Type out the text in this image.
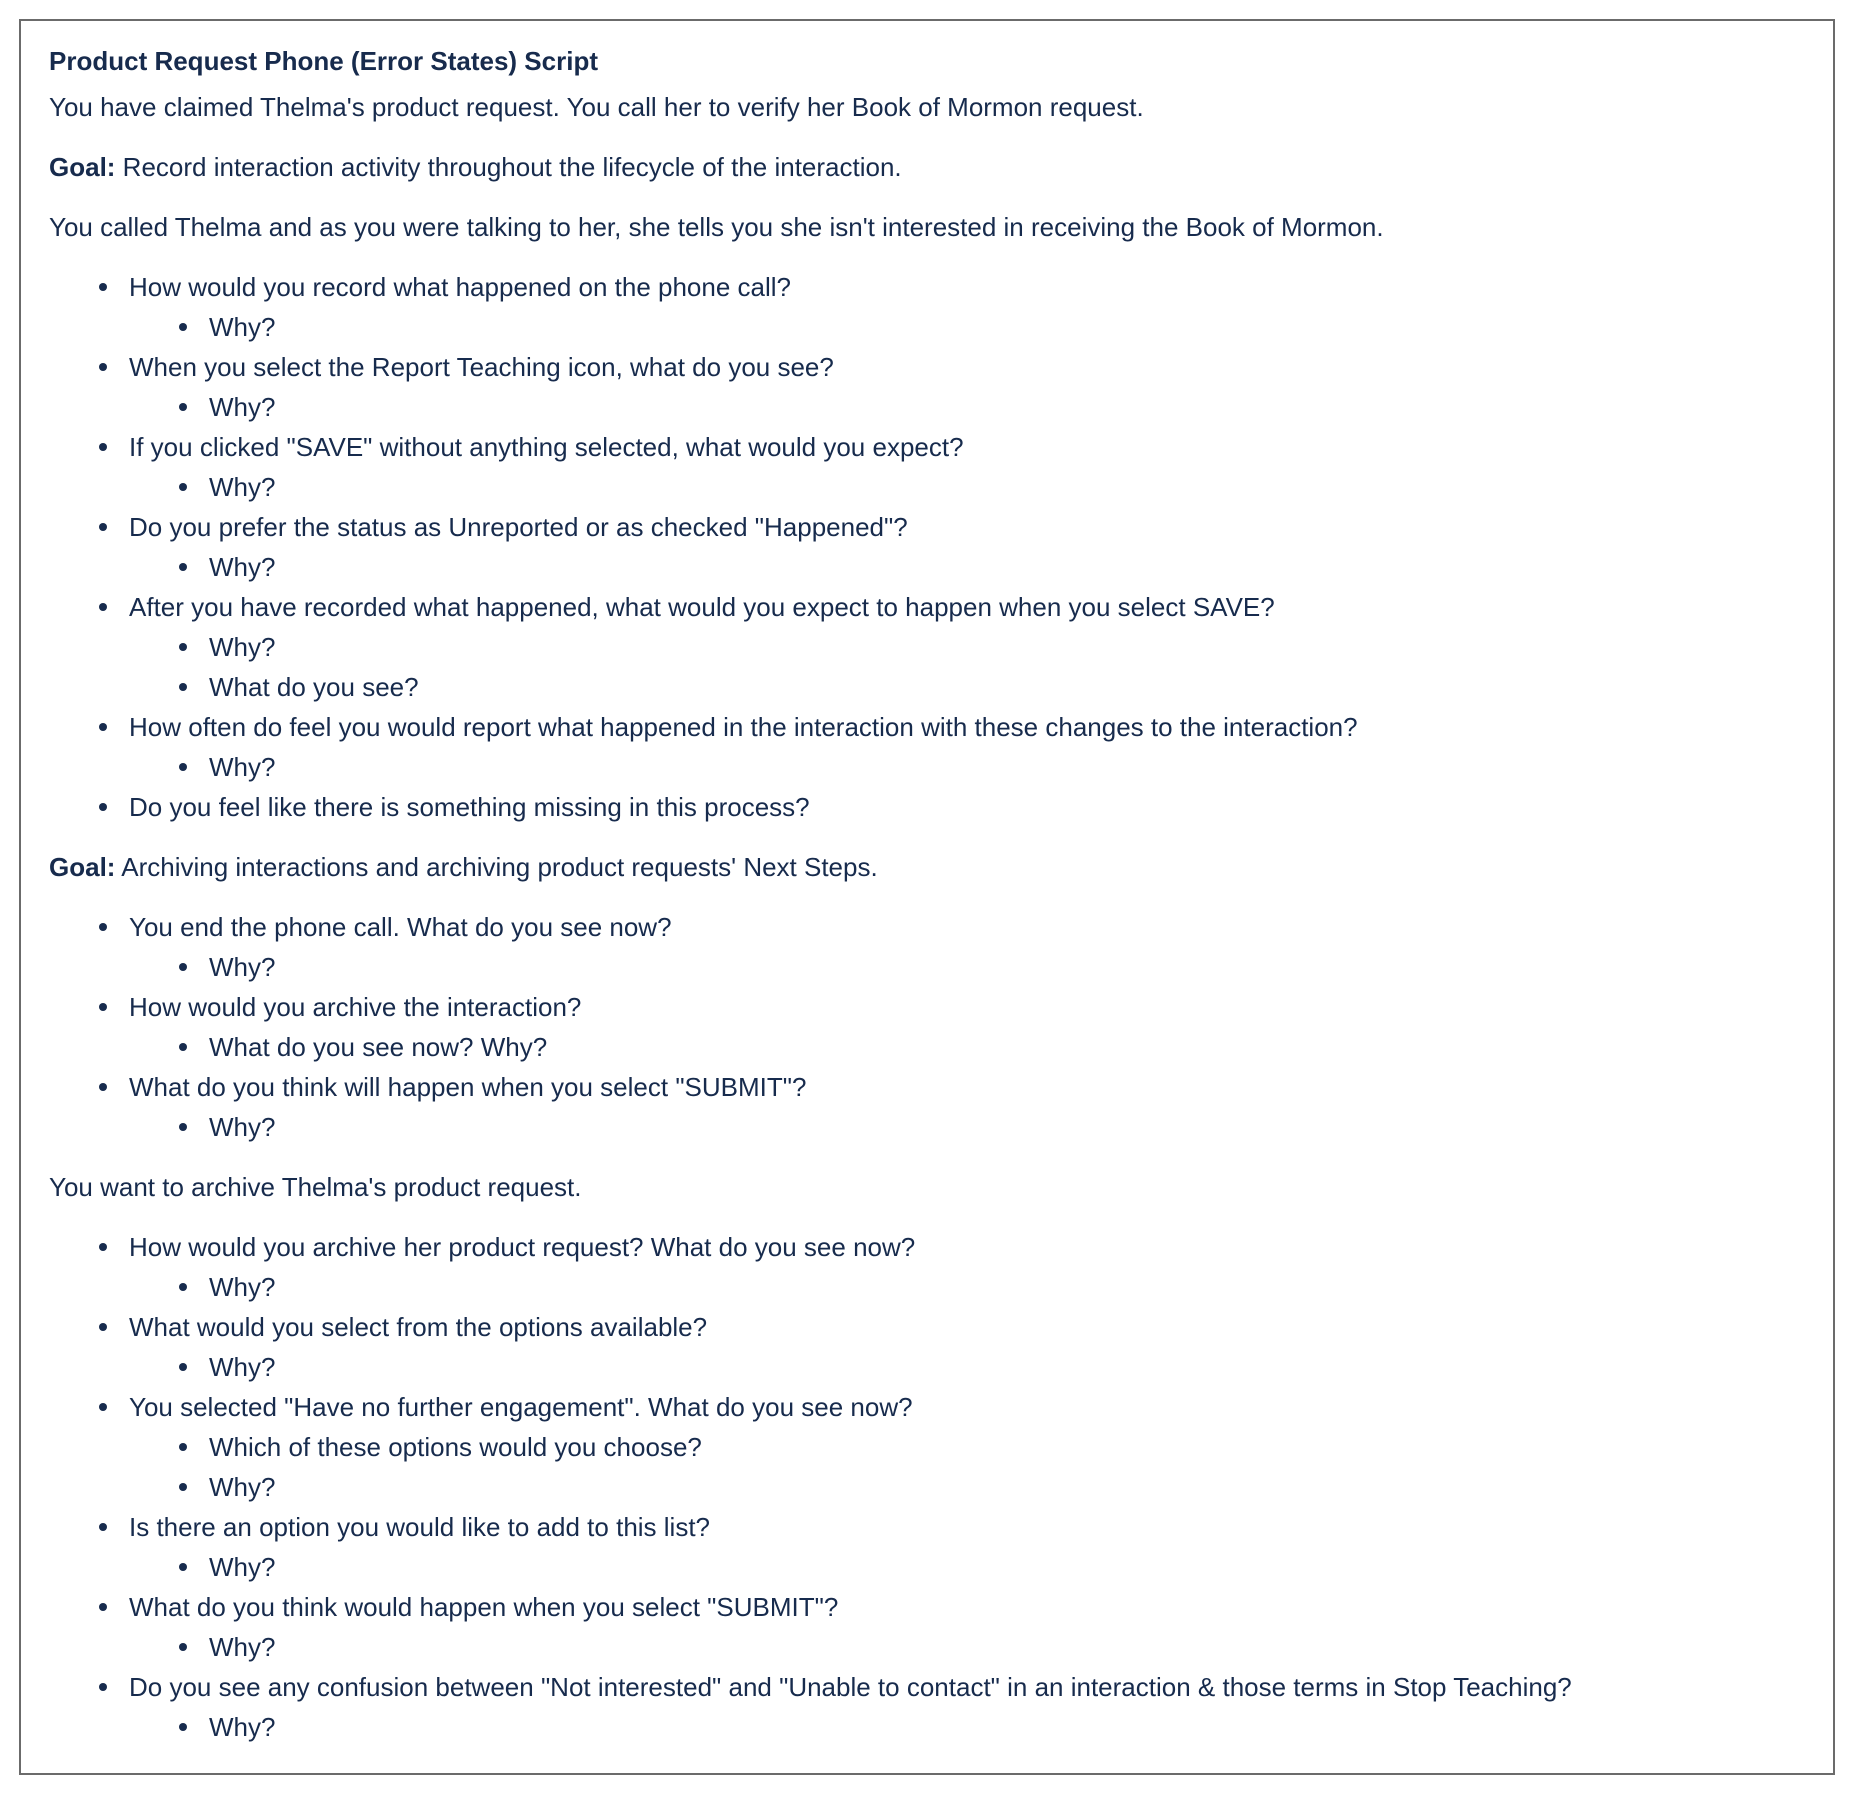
Product Request Phone (Error States) Script

You have claimed Thelma's product request. You call her to verify her Book of Mormon request.

Goal: Record interaction activity throughout the lifecycle of the interaction.

You called Thelma and as you were talking to her, she tells you she isn't interested in receiving the Book of Mormon.

How would you record what happened on the phone call?
Why?
When you select the Report Teaching icon, what do you see?
Why?
If you clicked "SAVE" without anything selected, what would you expect?
Why?
Do you prefer the status as Unreported or as checked "Happened"?
Why?
After you have recorded what happened, what would you expect to happen when you select SAVE?
Why?
What do you see?
How often do feel you would report what happened in the interaction with these changes to the interaction?
Why?
Do you feel like there is something missing in this process?

Goal: Archiving interactions and archiving product requests' Next Steps.

You end the phone call. What do you see now?
Why?
How would you archive the interaction?
What do you see now? Why?
What do you think will happen when you select "SUBMIT"?
Why?

You want to archive Thelma's product request.

How would you archive her product request? What do you see now?
Why?
What would you select from the options available?
Why?
You selected "Have no further engagement". What do you see now?
Which of these options would you choose?
Why?
Is there an option you would like to add to this list?
Why?
What do you think would happen when you select "SUBMIT"?
Why?
Do you see any confusion between "Not interested" and "Unable to contact" in an interaction & those terms in Stop Teaching?
Why?
